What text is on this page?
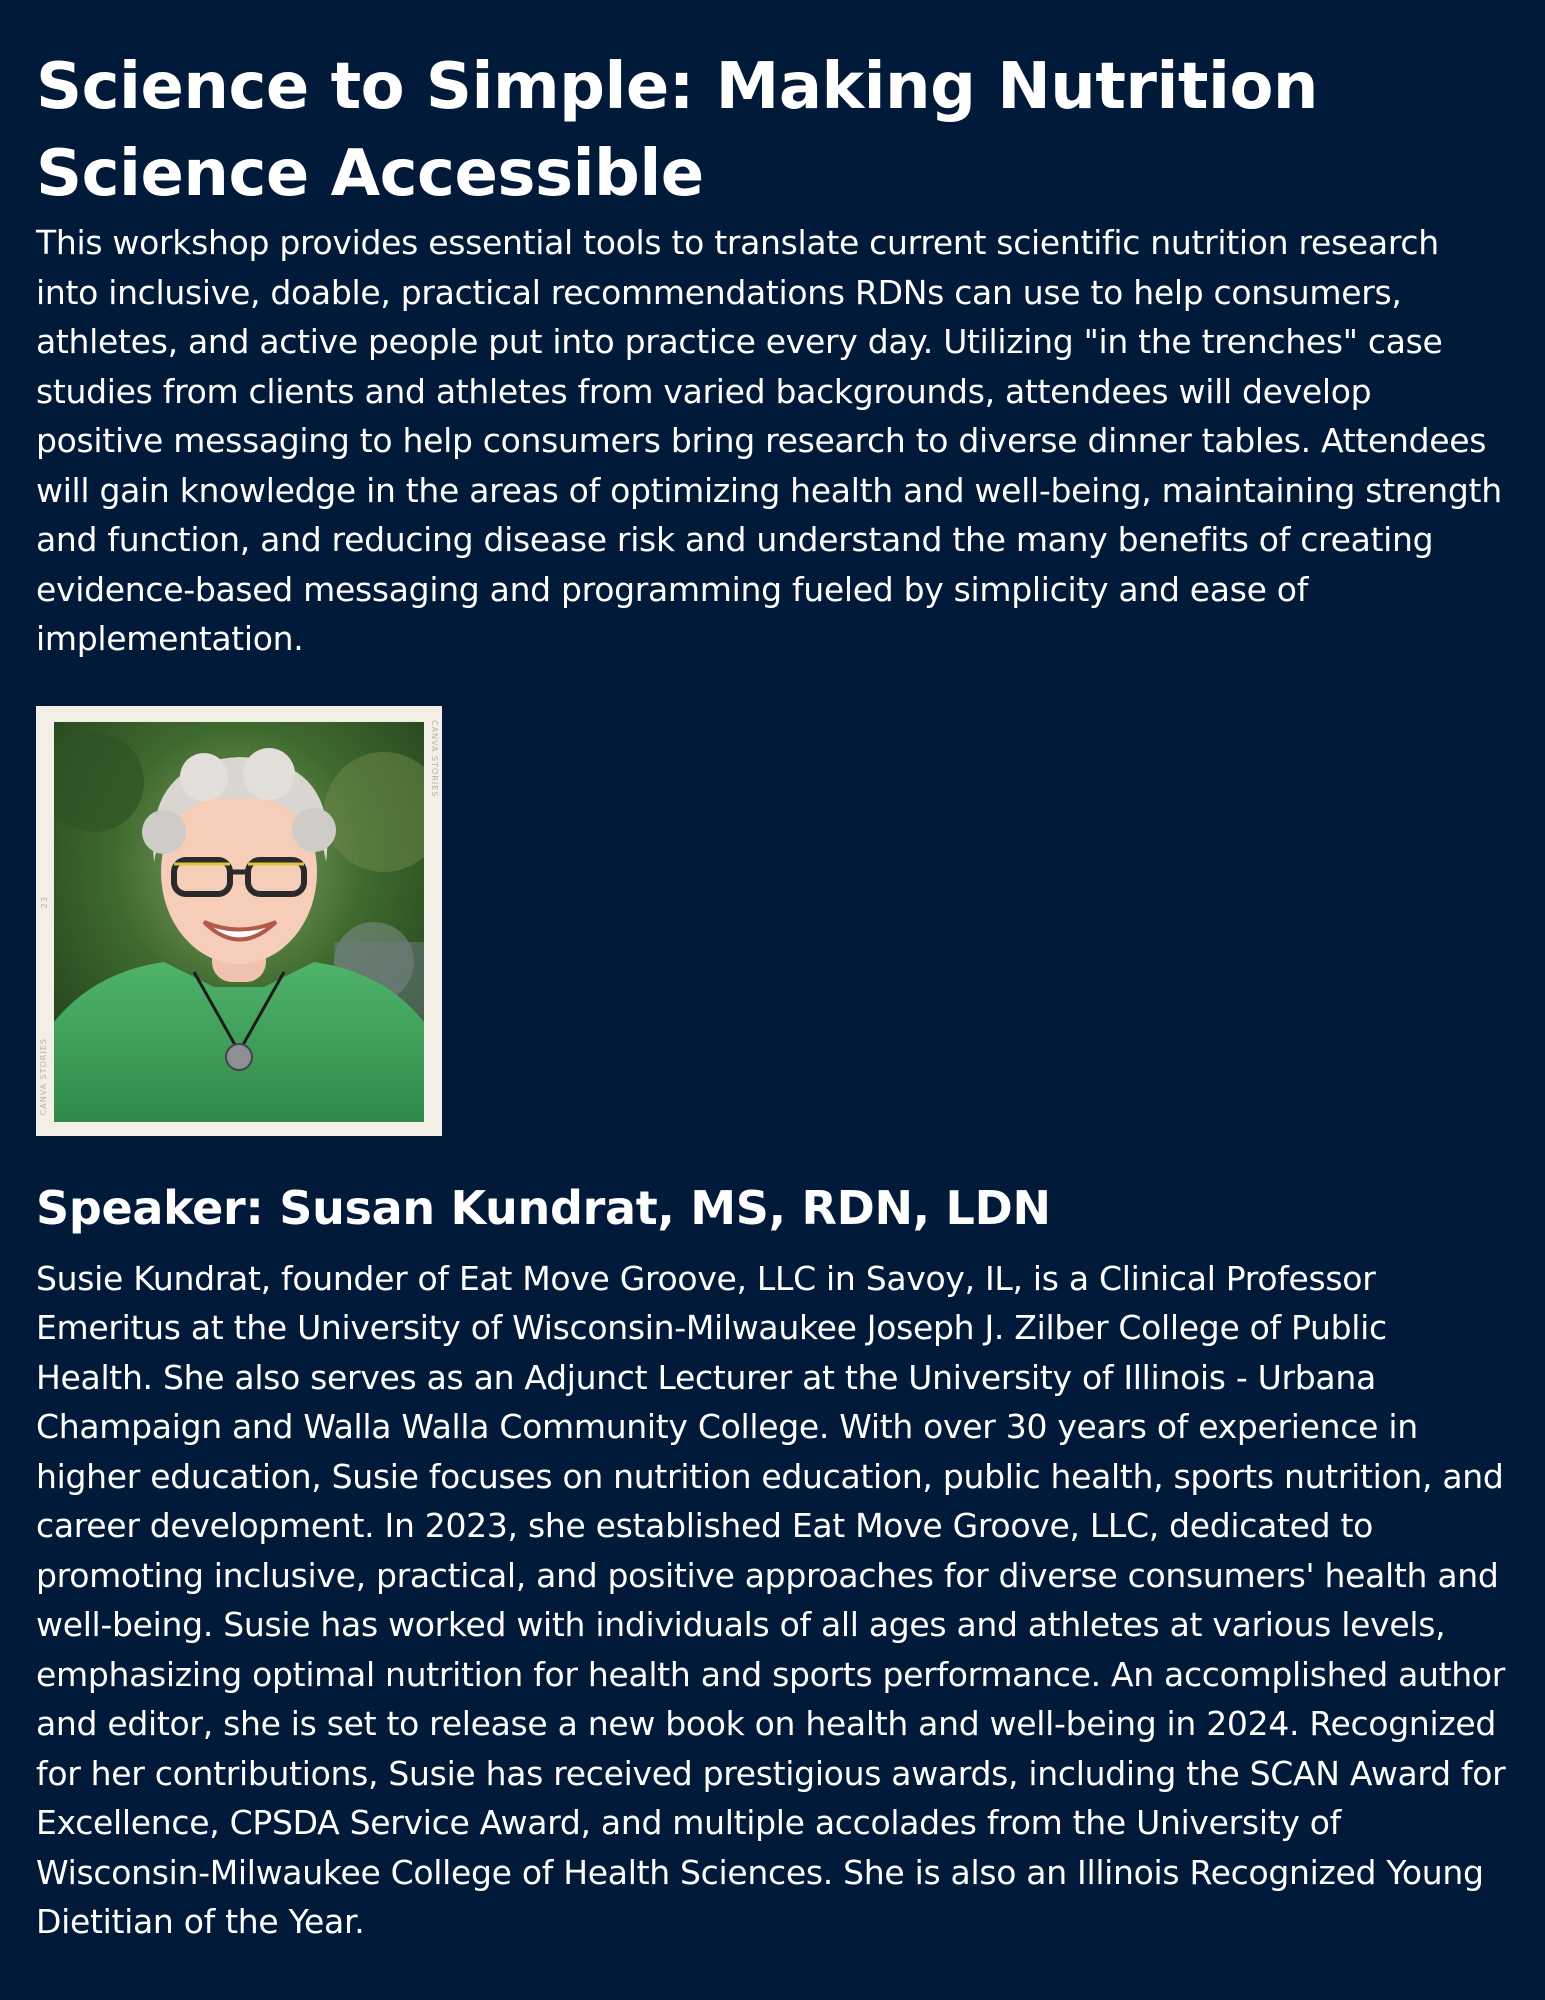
Science to Simple: Making Nutrition Science Accessible

This workshop provides essential tools to translate current scientific nutrition research into inclusive, doable, practical recommendations RDNs can use to help consumers, athletes, and active people put into practice every day. Utilizing "in the trenches" case studies from clients and athletes from varied backgrounds, attendees will develop positive messaging to help consumers bring research to diverse dinner tables. Attendees will gain knowledge in the areas of optimizing health and well-being, maintaining strength and function, and reducing disease risk and understand the many benefits of creating evidence-based messaging and programming fueled by simplicity and ease of implementation.

CANVA STORIES
CANVA STORIES
23
Speaker: Susan Kundrat, MS, RDN, LDN

Susie Kundrat, founder of Eat Move Groove, LLC in Savoy, IL, is a Clinical Professor Emeritus at the University of Wisconsin-Milwaukee Joseph J. Zilber College of Public Health. She also serves as an Adjunct Lecturer at the University of Illinois - Urbana Champaign and Walla Walla Community College. With over 30 years of experience in higher education, Susie focuses on nutrition education, public health, sports nutrition, and career development. In 2023, she established Eat Move Groove, LLC, dedicated to promoting inclusive, practical, and positive approaches for diverse consumers' health and well-being. Susie has worked with individuals of all ages and athletes at various levels, emphasizing optimal nutrition for health and sports performance. An accomplished author and editor, she is set to release a new book on health and well-being in 2024. Recognized for her contributions, Susie has received prestigious awards, including the SCAN Award for Excellence, CPSDA Service Award, and multiple accolades from the University of Wisconsin-Milwaukee College of Health Sciences. She is also an Illinois Recognized Young Dietitian of the Year.
